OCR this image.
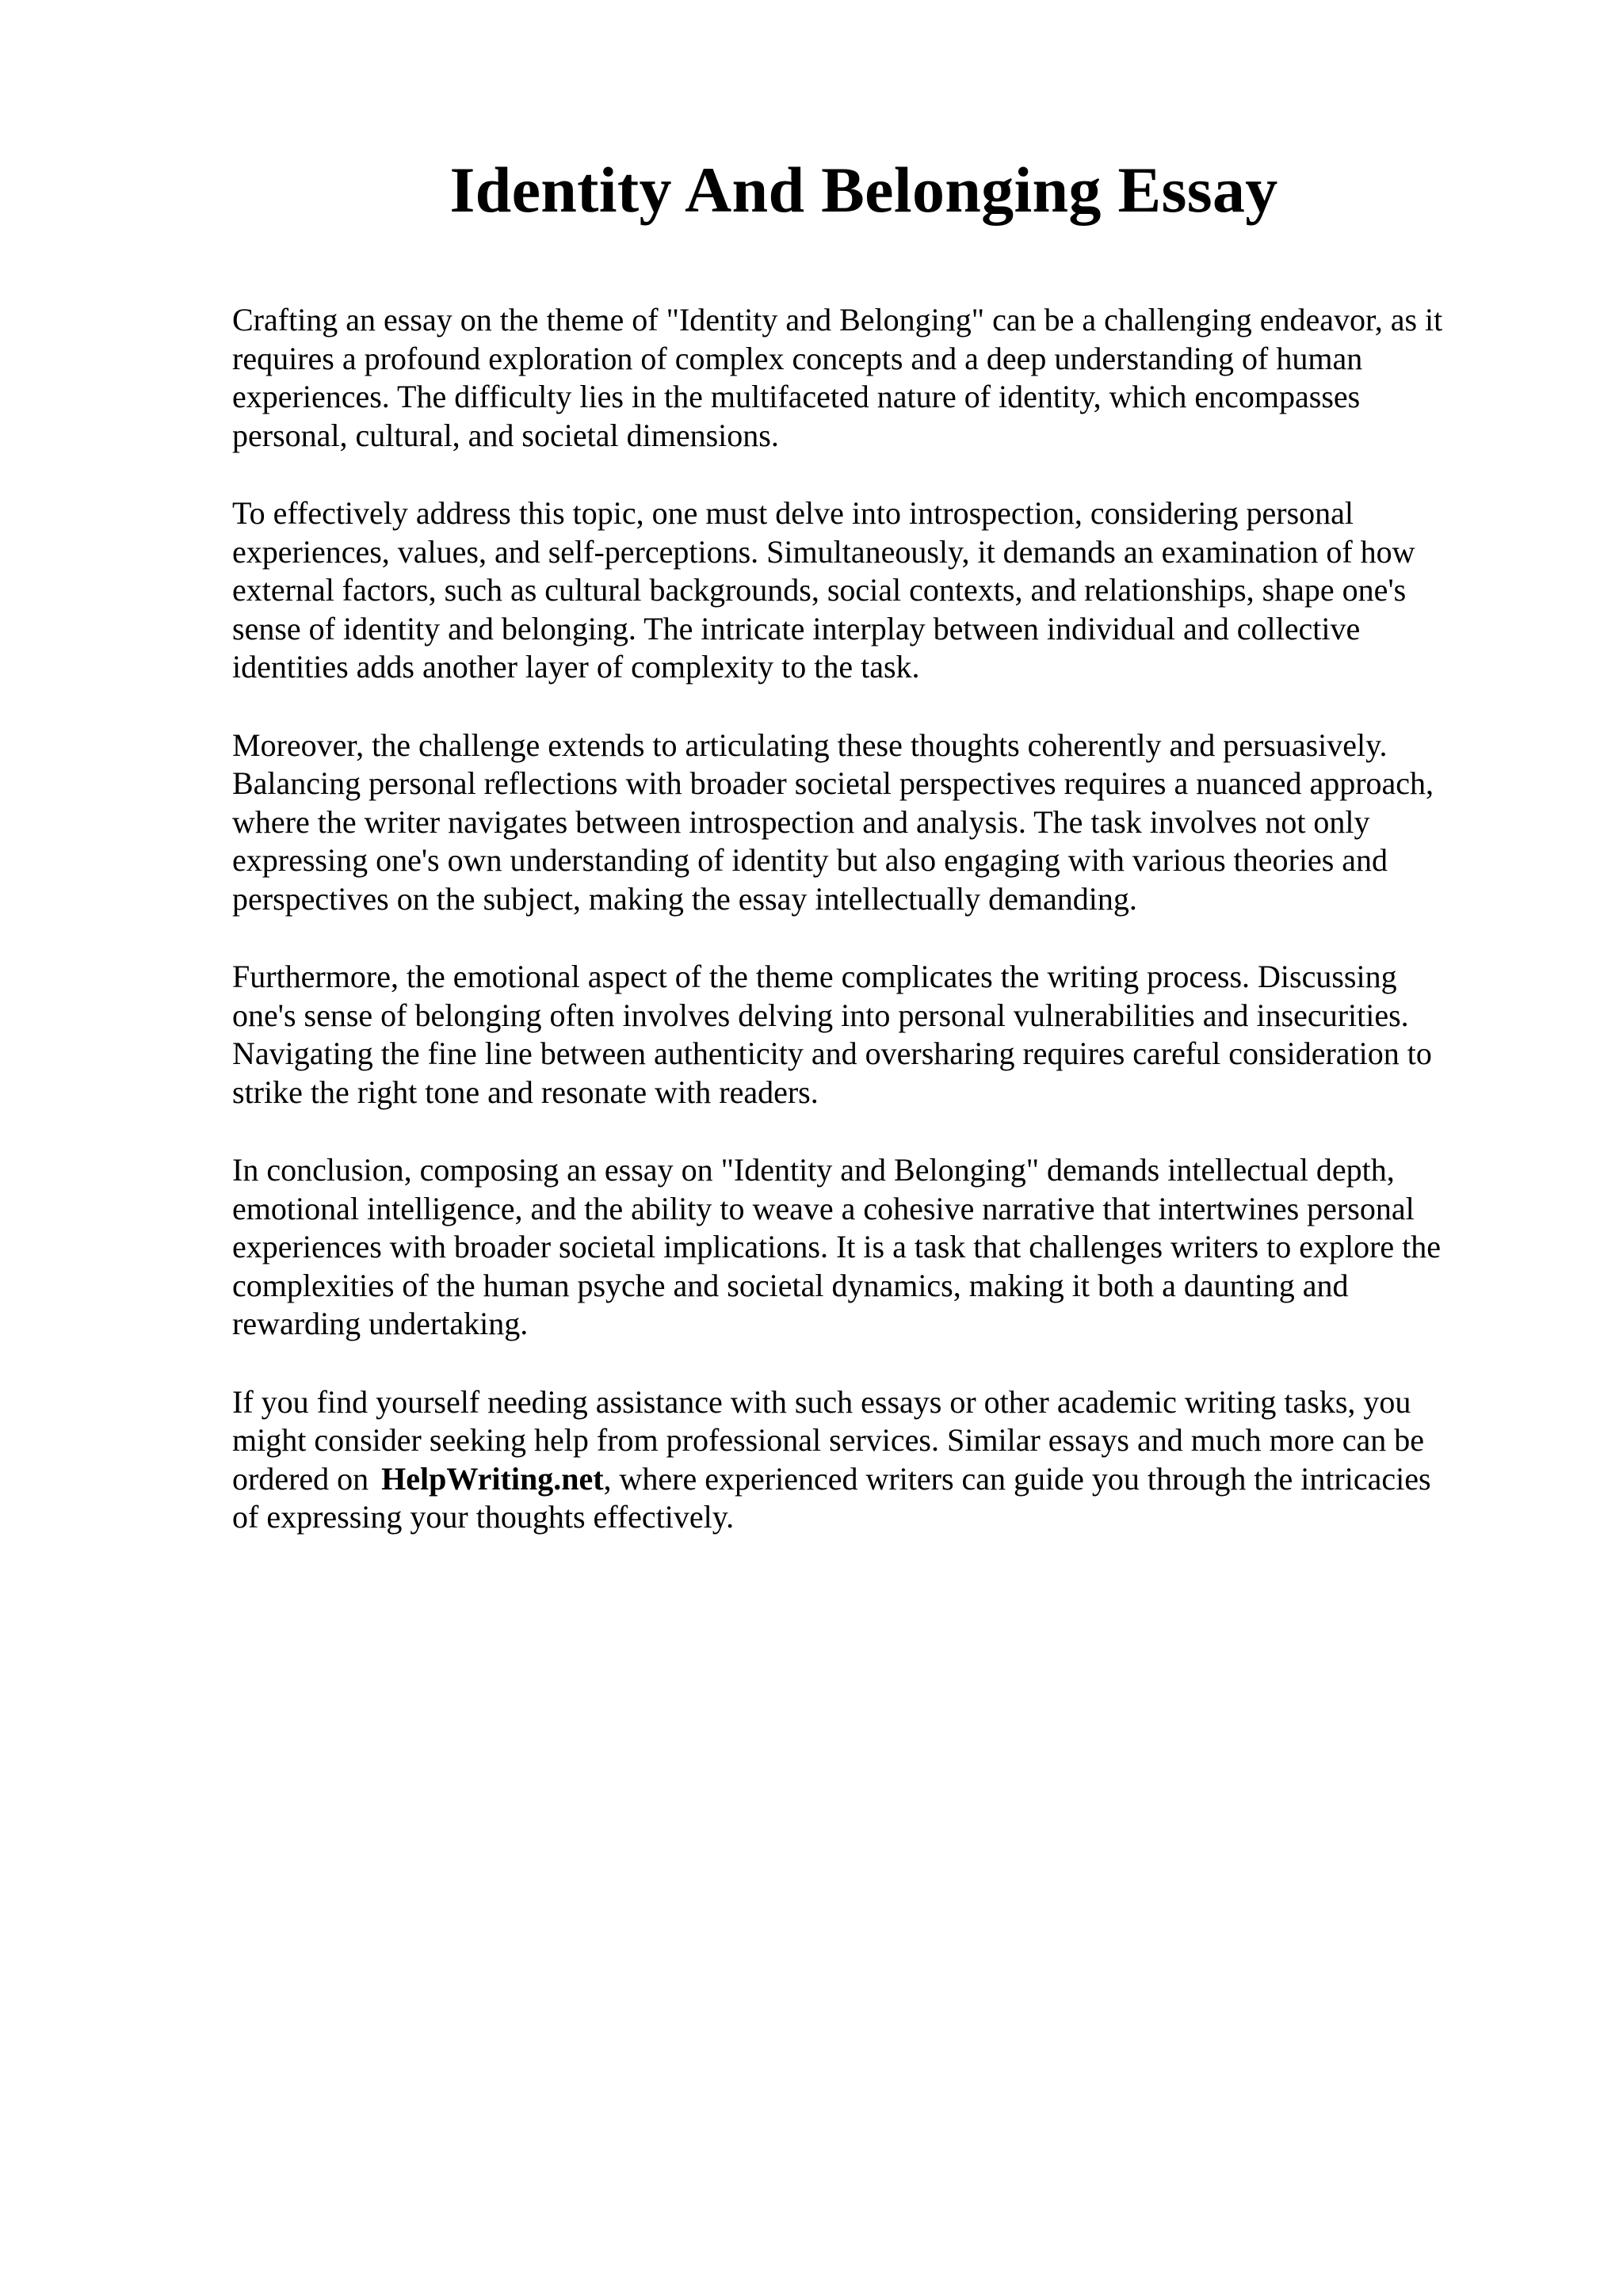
Identity And Belonging Essay

Crafting an essay on the theme of "Identity and Belonging" can be a challenging endeavor, as it
requires a profound exploration of complex concepts and a deep understanding of human
experiences. The difficulty lies in the multifaceted nature of identity, which encompasses
personal, cultural, and societal dimensions.

To effectively address this topic, one must delve into introspection, considering personal
experiences, values, and self-perceptions. Simultaneously, it demands an examination of how
external factors, such as cultural backgrounds, social contexts, and relationships, shape one's
sense of identity and belonging. The intricate interplay between individual and collective
identities adds another layer of complexity to the task.

Moreover, the challenge extends to articulating these thoughts coherently and persuasively.
Balancing personal reflections with broader societal perspectives requires a nuanced approach,
where the writer navigates between introspection and analysis. The task involves not only
expressing one's own understanding of identity but also engaging with various theories and
perspectives on the subject, making the essay intellectually demanding.

Furthermore, the emotional aspect of the theme complicates the writing process. Discussing
one's sense of belonging often involves delving into personal vulnerabilities and insecurities.
Navigating the fine line between authenticity and oversharing requires careful consideration to
strike the right tone and resonate with readers.

In conclusion, composing an essay on "Identity and Belonging" demands intellectual depth,
emotional intelligence, and the ability to weave a cohesive narrative that intertwines personal
experiences with broader societal implications. It is a task that challenges writers to explore the
complexities of the human psyche and societal dynamics, making it both a daunting and
rewarding undertaking.

If you find yourself needing assistance with such essays or other academic writing tasks, you
might consider seeking help from professional services. Similar essays and much more can be
ordered on HelpWriting.net, where experienced writers can guide you through the intricacies
of expressing your thoughts effectively.
